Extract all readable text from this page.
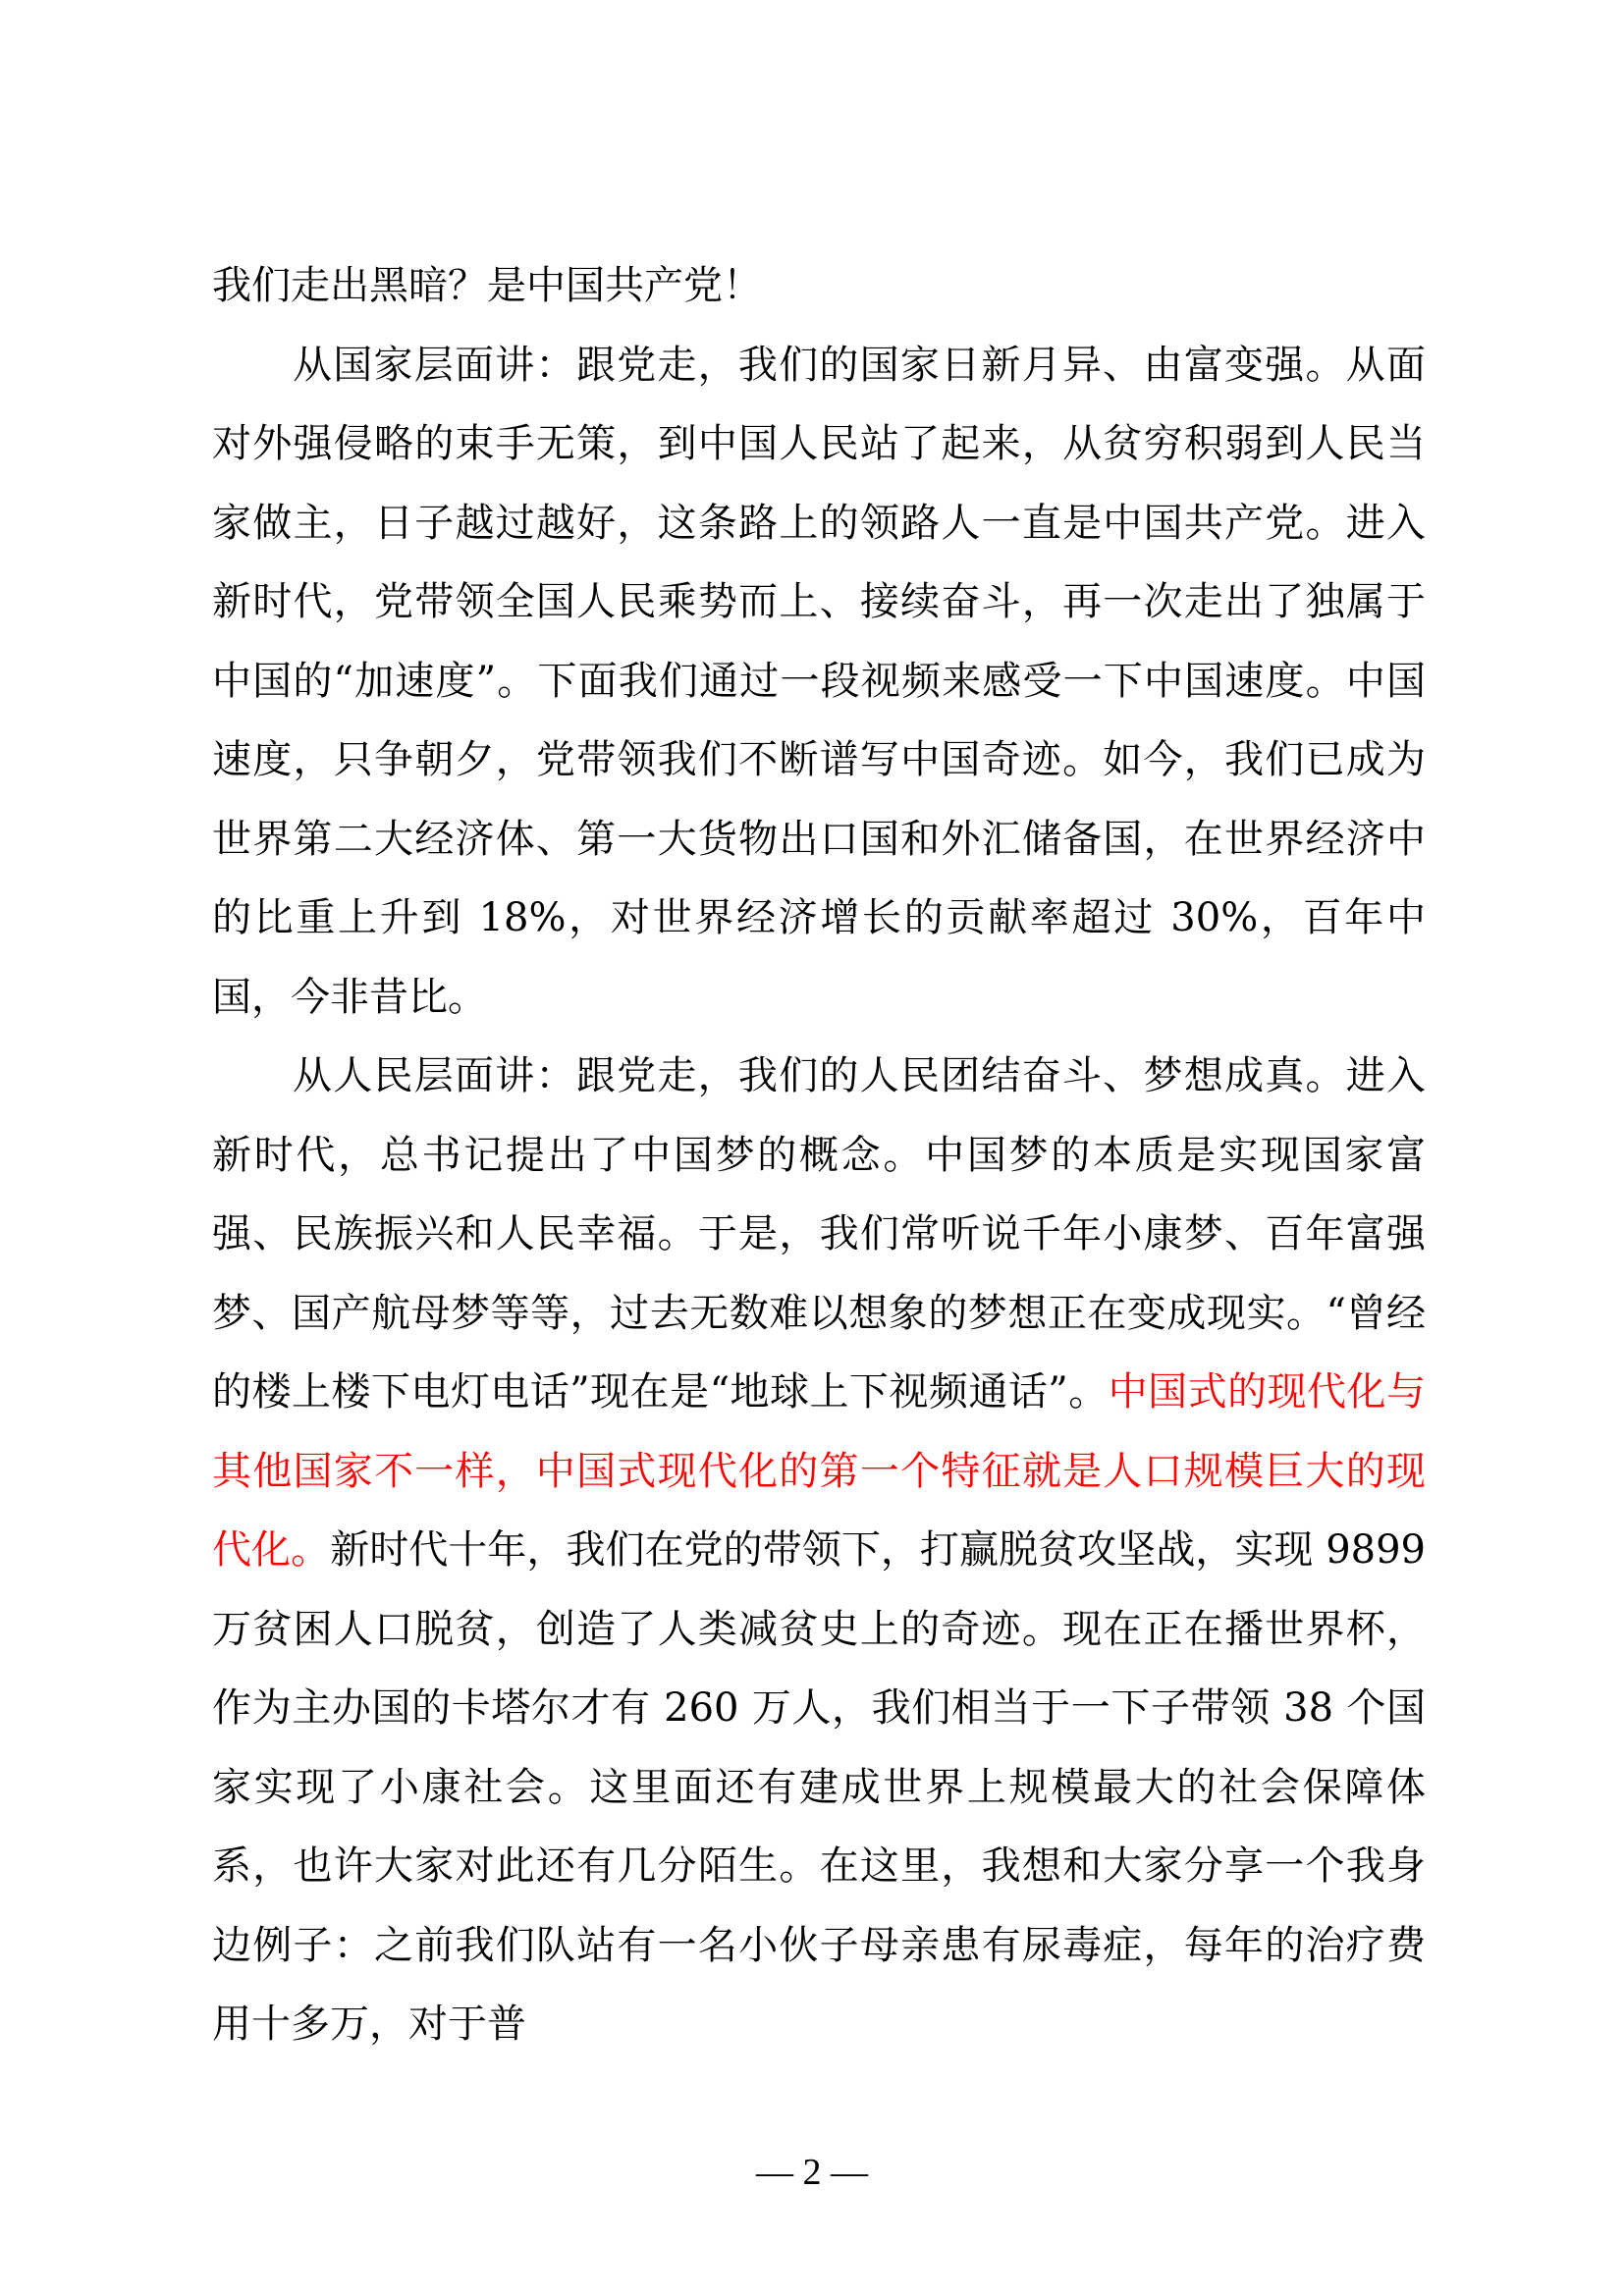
我们走出黑暗？是中国共产党！

从国家层面讲：跟党走，我们的国家日新月异、由富变强。从面对外强侵略的束手无策，到中国人民站了起来，从贫穷积弱到人民当家做主，日子越过越好，这条路上的领路人一直是中国共产党。进入新时代，党带领全国人民乘势而上、接续奋斗，再一次走出了独属于中国的“加速度”。下面我们通过一段视频来感受一下中国速度。中国速度，只争朝夕，党带领我们不断谱写中国奇迹。如今，我们已成为世界第二大经济体、第一大货物出口国和外汇储备国，在世界经济中的比重上升到 18%，对世界经济增长的贡献率超过 30%，百年中国，今非昔比。

从人民层面讲：跟党走，我们的人民团结奋斗、梦想成真。进入新时代，总书记提出了中国梦的概念。中国梦的本质是实现国家富强、民族振兴和人民幸福。于是，我们常听说千年小康梦、百年富强梦、国产航母梦等等，过去无数难以想象的梦想正在变成现实。“曾经的楼上楼下电灯电话”现在是“地球上下视频通话”。中国式的现代化与其他国家不一样，中国式现代化的第一个特征就是人口规模巨大的现代化。新时代十年，我们在党的带领下，打赢脱贫攻坚战，实现 9899 万贫困人口脱贫，创造了人类减贫史上的奇迹。现在正在播世界杯，作为主办国的卡塔尔才有 260 万人，我们相当于一下子带领 38 个国家实现了小康社会。这里面还有建成世界上规模最大的社会保障体系，也许大家对此还有几分陌生。在这里，我想和大家分享一个我身边例子：之前我们队站有一名小伙子母亲患有尿毒症，每年的治疗费用十多万，对于普

— 2 —
